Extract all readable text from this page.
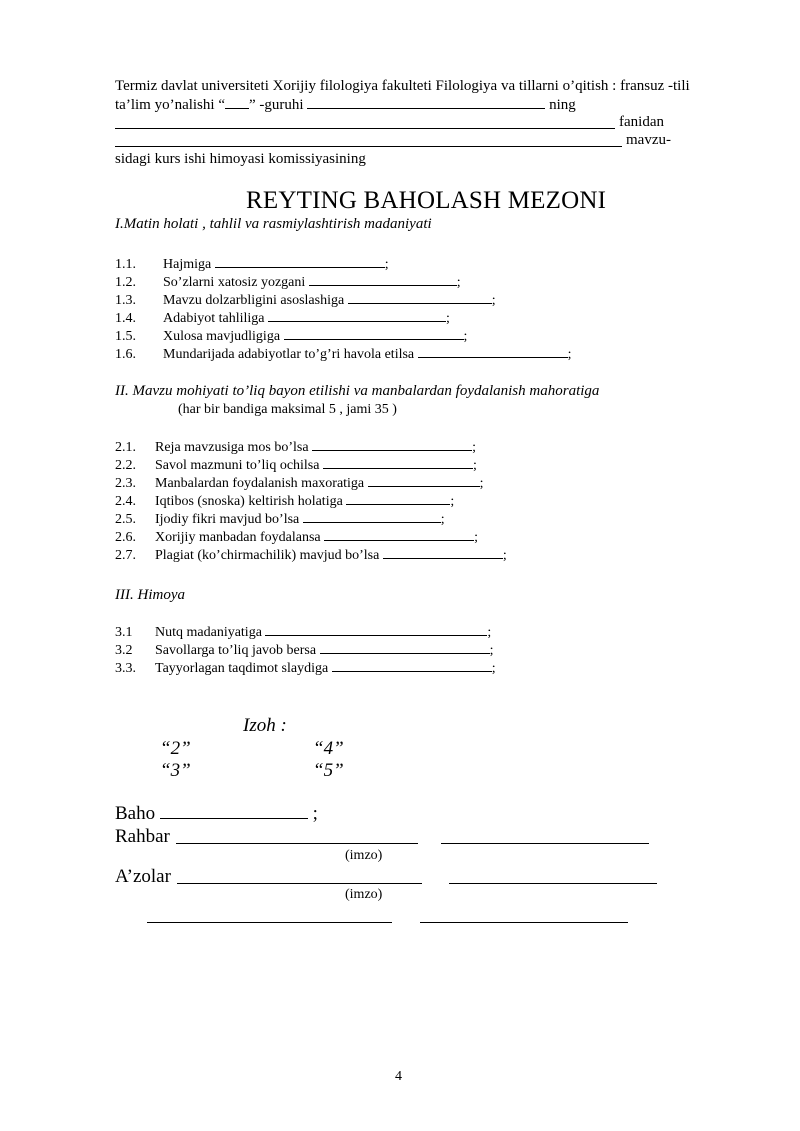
Termiz davlat universiteti Xorijiy filologiya fakulteti Filologiya va tillarni o’qitish : fransuz -tili
ta’lim yo’nalishi “ ” -guruhi	ning
fanidan
mavzu-
sidagi kurs ishi himoyasi komissiyasining
REYTING BAHOLASH MEZONI
I.Matin holati , tahlil va rasmiylashtirish madaniyati
1.1. Hajmiga	;
1.2. So’zlarni xatosiz yozgani	;
1.3. Mavzu dolzarbligini asoslashiga	;
1.4. Adabiyot tahliliga	;
1.5. Xulosa mavjudligiga	;
1.6. Mundarijada adabiyotlar to’g’ri havola etilsa	;
II. Mavzu mohiyati to’liq bayon etilishi va manbalardan foydalanish mahoratiga
(har bir bandiga maksimal 5 , jami 35 )
2.1. Reja mavzusiga mos bo’lsa	;
2.2. Savol mazmuni to’liq ochilsa	;
2.3. Manbalardan foydalanish maxoratiga	;
2.4. Iqtibos (snoska) keltirish holatiga	;
2.5. Ijodiy fikri mavjud bo’lsa	;
2.6. Xorijiy manbadan foydalansa	;
2.7. Plagiat (ko’chirmachilik) mavjud bo’lsa	;
III. Himoya
3.1 Nutq madaniyatiga	;
3.2 Savollarga to’liq javob bersa	;
3.3. Tayyorlagan taqdimot slaydiga	;
Izoh :
“2”	“4”
“3”	“5”
Baho	;
Rahbar
(imzo)
A’zolar
(imzo)
4
